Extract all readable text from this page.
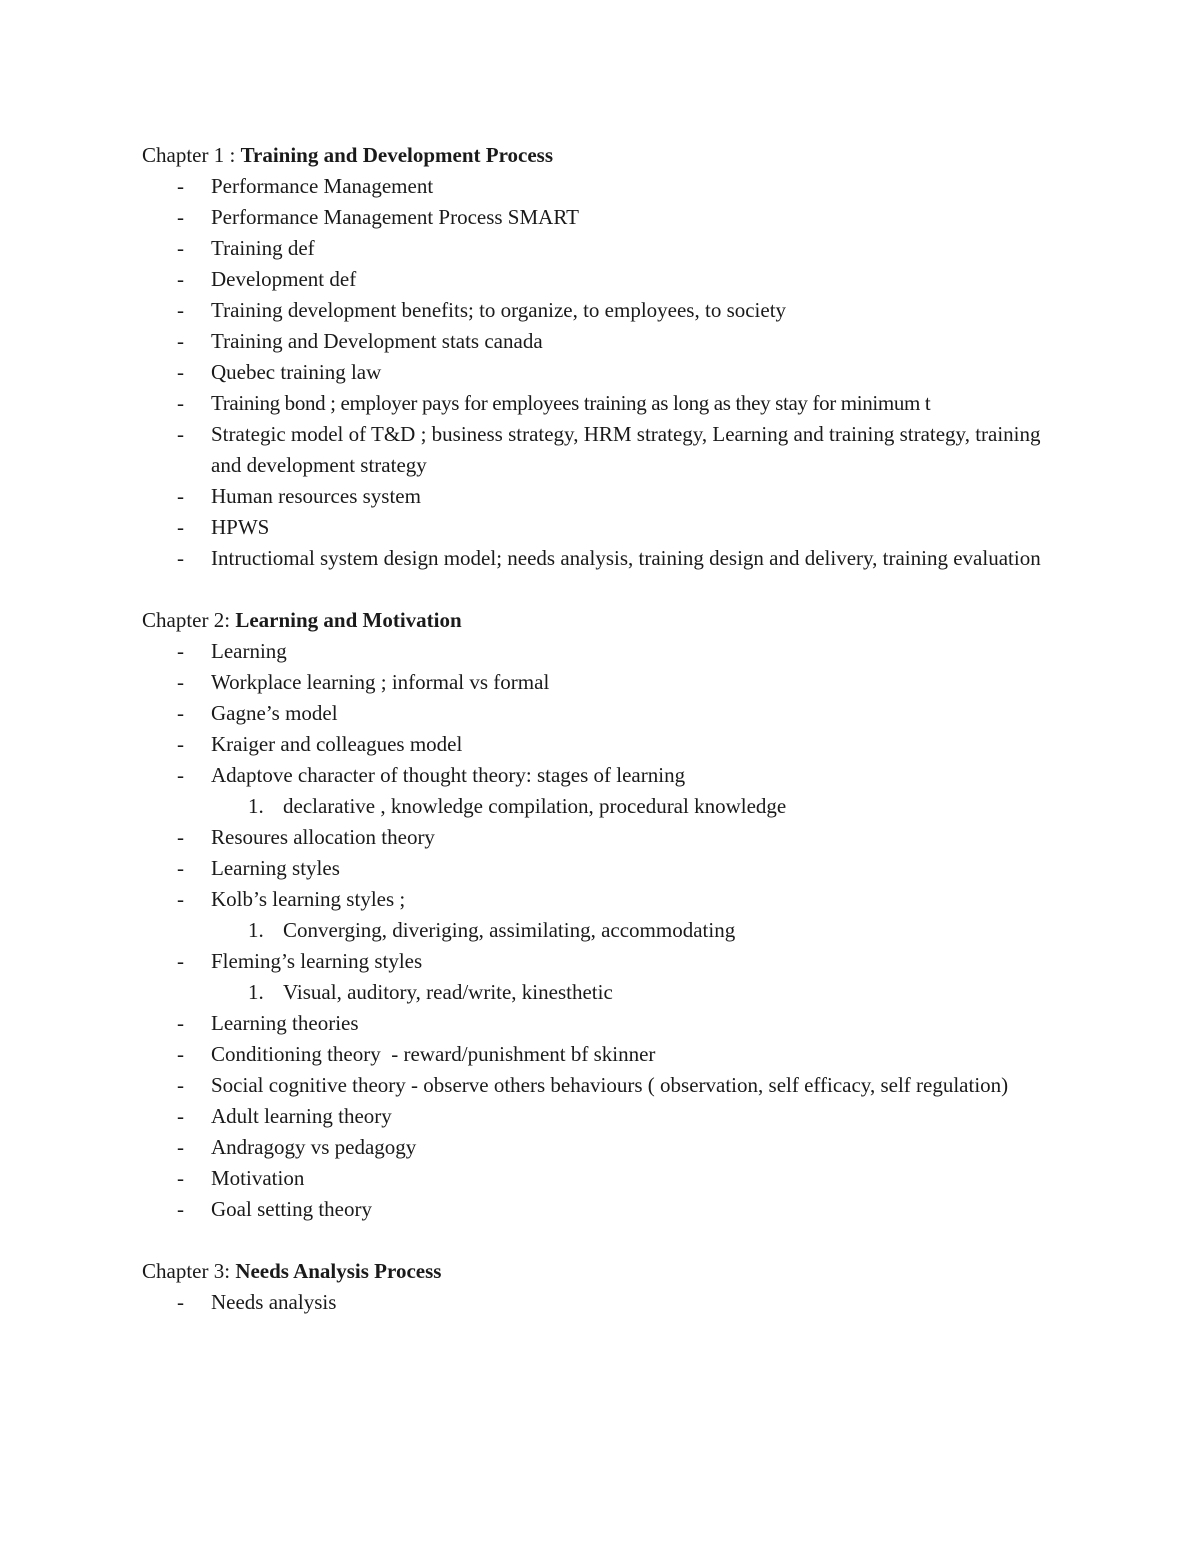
Chapter 1 : Training and Development Process

- Performance Management
- Performance Management Process SMART
- Training def
- Development def
- Training development benefits; to organize, to employees, to society
- Training and Development stats canada
- Quebec training law
- Training bond ; employer pays for employees training as long as they stay for minimum t
- Strategic model of T&D ; business strategy, HRM strategy, Learning and training strategy, training and development strategy
- Human resources system
- HPWS
- Intructiomal system design model; needs analysis, training design and delivery, training evaluation

Chapter 2: Learning and Motivation

- Learning
- Workplace learning ; informal vs formal
- Gagne’s model
- Kraiger and colleagues model
- Adaptove character of thought theory: stages of learning
1. declarative , knowledge compilation, procedural knowledge
- Resoures allocation theory
- Learning styles
- Kolb’s learning styles ;
1. Converging, diveriging, assimilating, accommodating
- Fleming’s learning styles
1. Visual, auditory, read/write, kinesthetic
- Learning theories
- Conditioning theory  - reward/punishment bf skinner
- Social cognitive theory - observe others behaviours ( observation, self efficacy, self regulation)
- Adult learning theory
- Andragogy vs pedagogy
- Motivation
- Goal setting theory

Chapter 3: Needs Analysis Process

- Needs analysis
